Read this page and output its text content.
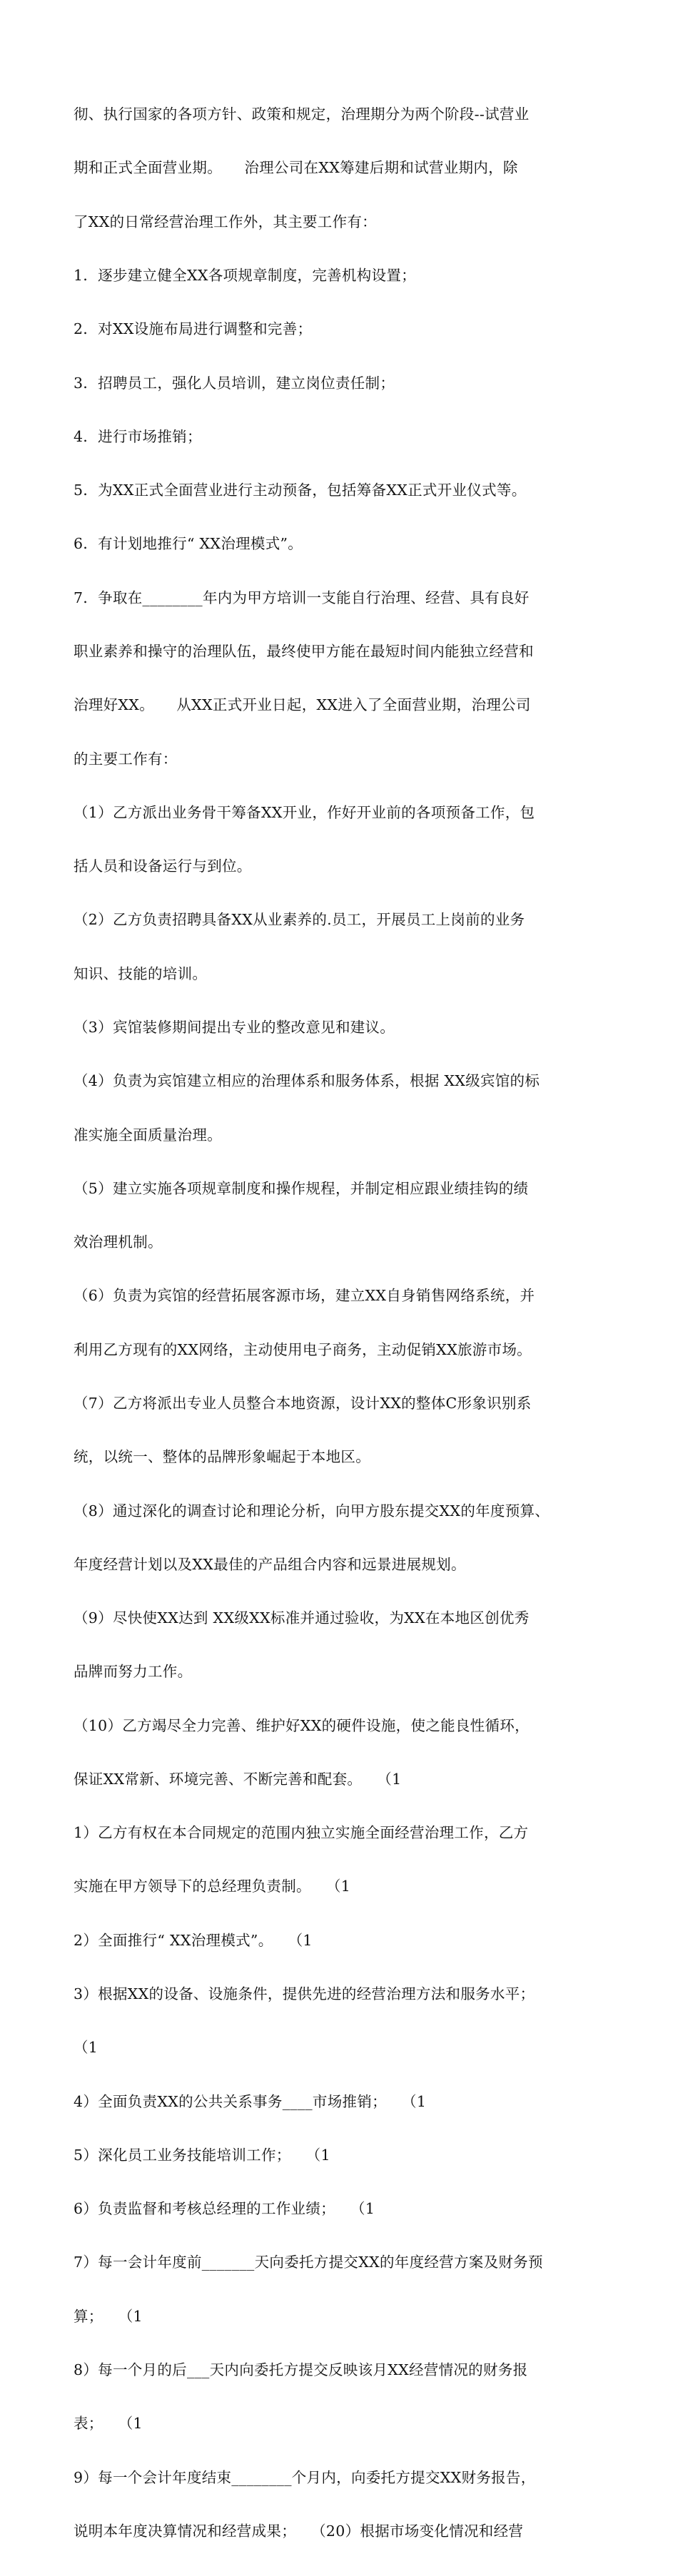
彻、执行国家的各项方针、政策和规定，治理期分为两个阶段--试营业

期和正式全面营业期。　　治理公司在XX筹建后期和试营业期内，除

了XX的日常经营治理工作外，其主要工作有：

1．逐步建立健全XX各项规章制度，完善机构设置；

2．对XX设施布局进行调整和完善；

3．招聘员工，强化人员培训，建立岗位责任制；

4．进行市场推销；

5．为XX正式全面营业进行主动预备，包括筹备XX正式开业仪式等。

6．有计划地推行“ XX治理模式”。

7．争取在________年内为甲方培训一支能自行治理、经营、具有良好

职业素养和操守的治理队伍，最终使甲方能在最短时间内能独立经营和

治理好XX。　　从XX正式开业日起，XX进入了全面营业期，治理公司

的主要工作有：

（1）乙方派出业务骨干筹备XX开业，作好开业前的各项预备工作，包

括人员和设备运行与到位。

（2）乙方负责招聘具备XX从业素养的.员工，开展员工上岗前的业务

知识、技能的培训。

（3）宾馆装修期间提出专业的整改意见和建议。

（4）负责为宾馆建立相应的治理体系和服务体系，根据 XX级宾馆的标

准实施全面质量治理。

（5）建立实施各项规章制度和操作规程，并制定相应跟业绩挂钩的绩

效治理机制。

（6）负责为宾馆的经营拓展客源市场，建立XX自身销售网络系统，并

利用乙方现有的XX网络，主动使用电子商务，主动促销XX旅游市场。

（7）乙方将派出专业人员整合本地资源，设计XX的整体C形象识别系

统，以统一、整体的品牌形象崛起于本地区。

（8）通过深化的调查讨论和理论分析，向甲方股东提交XX的年度预算、

年度经营计划以及XX最佳的产品组合内容和远景进展规划。

（9）尽快使XX达到 XX级XX标准并通过验收，为XX在本地区创优秀

品牌而努力工作。

（10）乙方竭尽全力完善、维护好XX的硬件设施，使之能良性循环，

保证XX常新、环境完善、不断完善和配套。　　（1

1）乙方有权在本合同规定的范围内独立实施全面经营治理工作，乙方

实施在甲方领导下的总经理负责制。　　（1

2）全面推行“ XX治理模式”。　　（1

3）根据XX的设备、设施条件，提供先进的经营治理方法和服务水平；

（1

4）全面负责XX的公共关系事务____市场推销；　　（1

5）深化员工业务技能培训工作；　　（1

6）负责监督和考核总经理的工作业绩；　　（1

7）每一会计年度前_______天向委托方提交XX的年度经营方案及财务预

算；　　（1

8）每一个月的后___天内向委托方提交反映该月XX经营情况的财务报

表；　　（1

9）每一个会计年度结束________个月内，向委托方提交XX财务报告，

说明本年度决算情况和经营成果；　　（20）根据市场变化情况和经营
